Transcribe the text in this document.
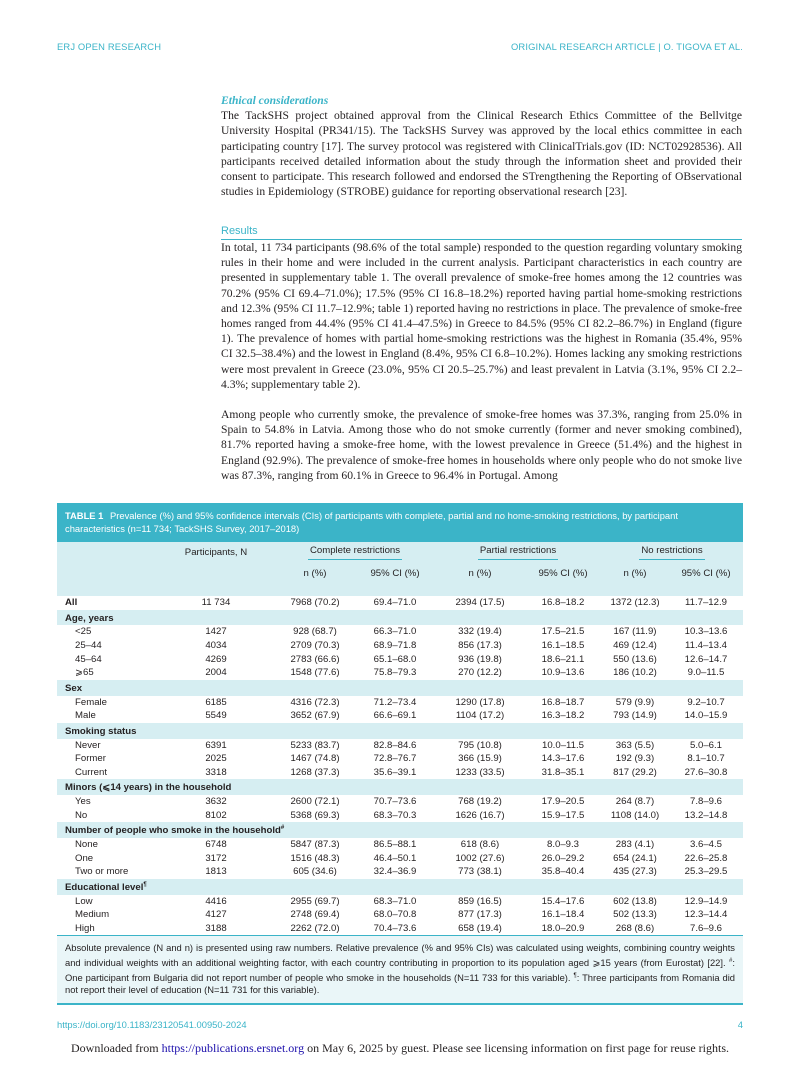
ERJ OPEN RESEARCH	ORIGINAL RESEARCH ARTICLE | O. TIGOVA ET AL.

Ethical considerations

The TackSHS project obtained approval from the Clinical Research Ethics Committee of the Bellvitge University Hospital (PR341/15). The TackSHS Survey was approved by the local ethics committee in each participating country [17]. The survey protocol was registered with ClinicalTrials.gov (ID: NCT02928536). All participants received detailed information about the study through the information sheet and provided their consent to participate. This research followed and endorsed the STrengthening the Reporting of OBservational studies in Epidemiology (STROBE) guidance for reporting observational research [23].

Results

In total, 11 734 participants (98.6% of the total sample) responded to the question regarding voluntary smoking rules in their home and were included in the current analysis. Participant characteristics in each country are presented in supplementary table 1. The overall prevalence of smoke-free homes among the 12 countries was 70.2% (95% CI 69.4–71.0%); 17.5% (95% CI 16.8–18.2%) reported having partial home-smoking restrictions and 12.3% (95% CI 11.7–12.9%; table 1) reported having no restrictions in place. The prevalence of smoke-free homes ranged from 44.4% (95% CI 41.4–47.5%) in Greece to 84.5% (95% CI 82.2–86.7%) in England (figure 1). The prevalence of homes with partial home-smoking restrictions was the highest in Romania (35.4%, 95% CI 32.5–38.4%) and the lowest in England (8.4%, 95% CI 6.8–10.2%). Homes lacking any smoking restrictions were most prevalent in Greece (23.0%, 95% CI 20.5–25.7%) and least prevalent in Latvia (3.1%, 95% CI 2.2–4.3%; supplementary table 2).

Among people who currently smoke, the prevalence of smoke-free homes was 37.3%, ranging from 25.0% in Spain to 54.8% in Latvia. Among those who do not smoke currently (former and never smoking combined), 81.7% reported having a smoke-free home, with the lowest prevalence in Greece (51.4%) and the highest in England (92.9%). The prevalence of smoke-free homes in households where only people who do not smoke live was 87.3%, ranging from 60.1% in Greece to 96.4% in Portugal. Among

TABLE 1 Prevalence (%) and 95% confidence intervals (CIs) of participants with complete, partial and no home-smoking restrictions, by participant characteristics (n=11 734; TackSHS Survey, 2017–2018)
	Participants, N	Complete restrictions		Partial restrictions		No restrictions	
		n (%)	95% CI (%)	n (%)	95% CI (%)	n (%)	95% CI (%)

All	11 734	7968 (70.2)	69.4–71.0	2394 (17.5)	16.8–18.2	1372 (12.3)	11.7–12.9
Age, years							
<25	1427	928 (68.7)	66.3–71.0	332 (19.4)	17.5–21.5	167 (11.9)	10.3–13.6
25–44	4034	2709 (70.3)	68.9–71.8	856 (17.3)	16.1–18.5	469 (12.4)	11.4–13.4
45–64	4269	2783 (66.6)	65.1–68.0	936 (19.8)	18.6–21.1	550 (13.6)	12.6–14.7
⩾65	2004	1548 (77.6)	75.8–79.3	270 (12.2)	10.9–13.6	186 (10.2)	9.0–11.5
Sex							
Female	6185	4316 (72.3)	71.2–73.4	1290 (17.8)	16.8–18.7	579 (9.9)	9.2–10.7
Male	5549	3652 (67.9)	66.6–69.1	1104 (17.2)	16.3–18.2	793 (14.9)	14.0–15.9
Smoking status							
Never	6391	5233 (83.7)	82.8–84.6	795 (10.8)	10.0–11.5	363 (5.5)	5.0–6.1
Former	2025	1467 (74.8)	72.8–76.7	366 (15.9)	14.3–17.6	192 (9.3)	8.1–10.7
Current	3318	1268 (37.3)	35.6–39.1	1233 (33.5)	31.8–35.1	817 (29.2)	27.6–30.8
Minors (⩽14 years) in the household							
Yes	3632	2600 (72.1)	70.7–73.6	768 (19.2)	17.9–20.5	264 (8.7)	7.8–9.6
No	8102	5368 (69.3)	68.3–70.3	1626 (16.7)	15.9–17.5	1108 (14.0)	13.2–14.8
Number of people who smoke in the household#
None	6748	5847 (87.3)	86.5–88.1	618 (8.6)	8.0–9.3	283 (4.1)	3.6–4.5
One	3172	1516 (48.3)	46.4–50.1	1002 (27.6)	26.0–29.2	654 (24.1)	22.6–25.8
Two or more	1813	605 (34.6)	32.4–36.9	773 (38.1)	35.8–40.4	435 (27.3)	25.3–29.5
Educational level¶
Low	4416	2955 (69.7)	68.3–71.0	859 (16.5)	15.4–17.6	602 (13.8)	12.9–14.9
Medium	4127	2748 (69.4)	68.0–70.8	877 (17.3)	16.1–18.4	502 (13.3)	12.3–14.4
High	3188	2262 (72.0)	70.4–73.6	658 (19.4)	18.0–20.9	268 (8.6)	7.6–9.6
Absolute prevalence (N and n) is presented using raw numbers. Relative prevalence (% and 95% CIs) was calculated using weights, combining country weights and individual weights with an additional weighting factor, with each country contributing in proportion to its population aged ⩾15 years (from Eurostat) [22]. #: One participant from Bulgaria did not report number of people who smoke in the households (N=11 733 for this variable). ¶: Three participants from Romania did not report their level of education (N=11 731 for this variable).
https://doi.org/10.1183/23120541.00950-2024	4
Downloaded from https://publications.ersnet.org on May 6, 2025 by guest. Please see licensing information on first page for reuse rights.
